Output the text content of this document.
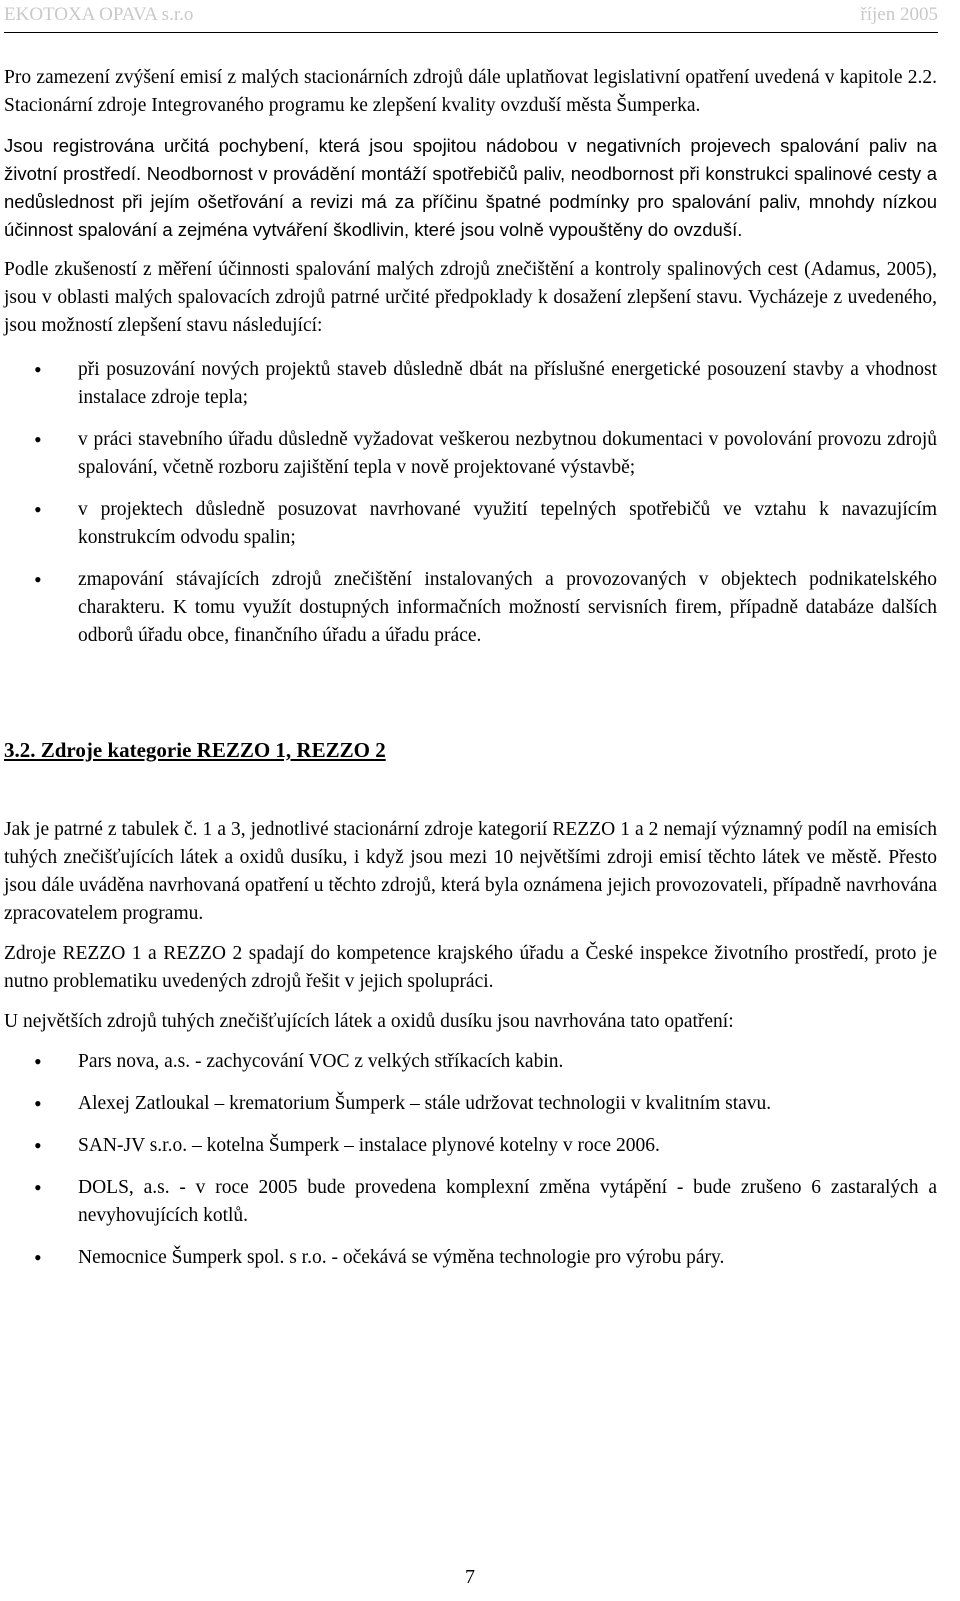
EKOTOXA OPAVA s.r.o	říjen 2005

Pro zamezení zvýšení emisí z malých stacionárních zdrojů dále uplatňovat legislativní opatření uvedená v kapitole 2.2. Stacionární zdroje Integrovaného programu ke zlepšení kvality ovzduší města Šumperka.

Jsou registrována určitá pochybení, která jsou spojitou nádobou v negativních projevech spalování paliv na životní prostředí. Neodbornost v provádění montáží spotřebičů paliv, neodbornost při konstrukci spalinové cesty a nedůslednost při jejím ošetřování a revizi má za příčinu špatné podmínky pro spalování paliv, mnohdy nízkou účinnost spalování a zejména vytváření škodlivin, které jsou volně vypouštěny do ovzduší.

Podle zkušeností z měření účinnosti spalování malých zdrojů znečištění a kontroly spalinových cest (Adamus, 2005), jsou v oblasti malých spalovacích zdrojů patrné určité předpoklady k dosažení zlepšení stavu. Vycházeje z uvedeného, jsou možností zlepšení stavu následující:

• při posuzování nových projektů staveb důsledně dbát na příslušné energetické posouzení stavby a vhodnost instalace zdroje tepla;
• v práci stavebního úřadu důsledně vyžadovat veškerou nezbytnou dokumentaci v povolování provozu zdrojů spalování, včetně rozboru zajištění tepla v nově projektované výstavbě;
• v projektech důsledně posuzovat navrhované využití tepelných spotřebičů ve vztahu k navazujícím konstrukcím odvodu spalin;
• zmapování stávajících zdrojů znečištění instalovaných a provozovaných v objektech podnikatelského charakteru. K tomu využít dostupných informačních možností servisních firem, případně databáze dalších odborů úřadu obce, finančního úřadu a úřadu práce.
3.2. Zdroje kategorie REZZO 1, REZZO 2

Jak je patrné z tabulek č. 1 a 3, jednotlivé stacionární zdroje kategorií REZZO 1 a 2 nemají významný podíl na emisích tuhých znečišťujících látek a oxidů dusíku, i když jsou mezi 10 největšími zdroji emisí těchto látek ve městě. Přesto jsou dále uváděna navrhovaná opatření u těchto zdrojů, která byla oznámena jejich provozovateli, případně navrhována zpracovatelem programu.

Zdroje REZZO 1 a REZZO 2 spadají do kompetence krajského úřadu a České inspekce životního prostředí, proto je nutno problematiku uvedených zdrojů řešit v jejich spolupráci.

U největších zdrojů tuhých znečišťujících látek a oxidů dusíku jsou navrhována tato opatření:

• Pars nova, a.s. - zachycování VOC z velkých stříkacích kabin.
• Alexej Zatloukal – krematorium Šumperk – stále udržovat technologii v kvalitním stavu.
• SAN-JV s.r.o. – kotelna Šumperk – instalace plynové kotelny v roce 2006.
• DOLS, a.s. - v roce 2005 bude provedena komplexní změna vytápění - bude zrušeno 6 zastaralých a nevyhovujících kotlů.
• Nemocnice Šumperk spol. s r.o. - očekává se výměna technologie pro výrobu páry.
7
